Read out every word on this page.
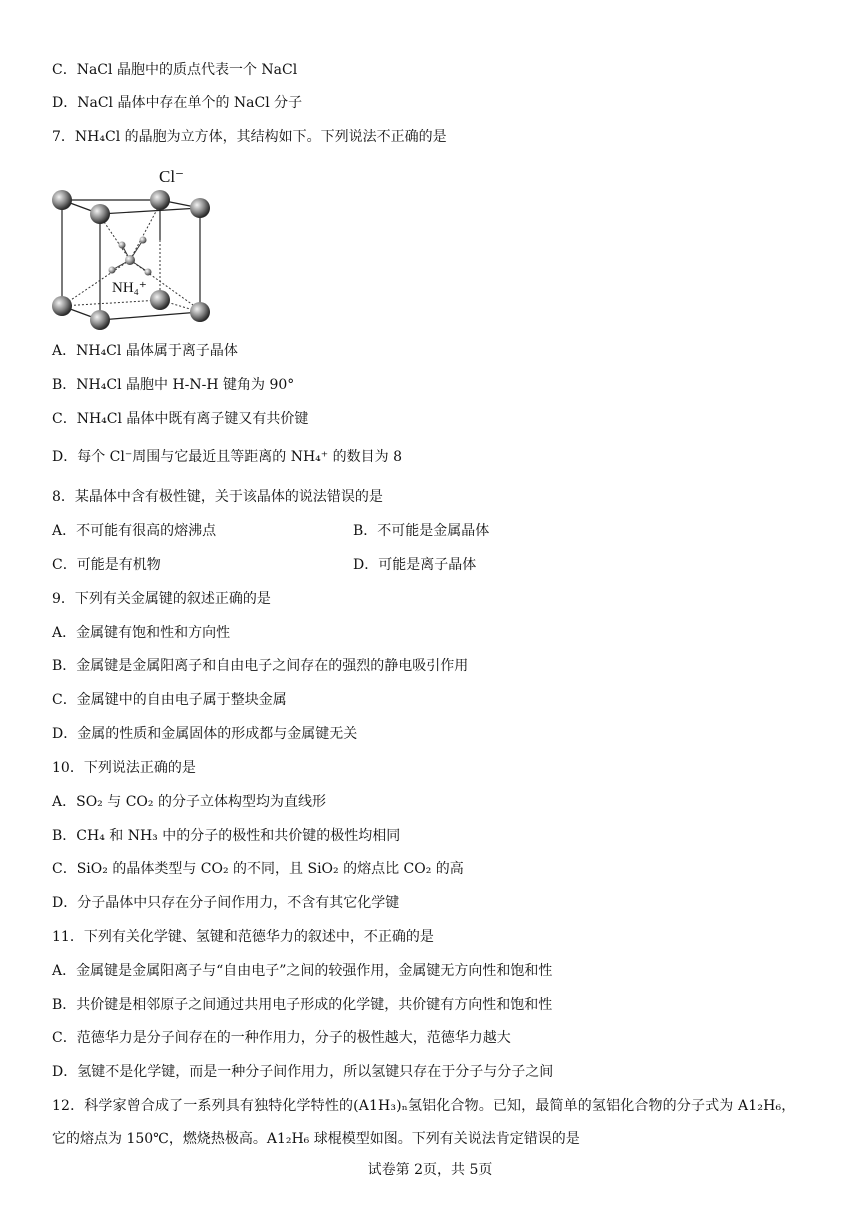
C．NaCl 晶胞中的质点代表一个 NaCl
D．NaCl 晶体中存在单个的 NaCl 分子
7．NH₄Cl 的晶胞为立方体，其结构如下。下列说法不正确的是
Cl⁻
NH₄⁺
A．NH₄Cl 晶体属于离子晶体
B．NH₄Cl 晶胞中 H-N-H 键角为 90°
C．NH₄Cl 晶体中既有离子键又有共价键
D．每个 Cl⁻周围与它最近且等距离的 NH₄⁺ 的数目为 8
8．某晶体中含有极性键，关于该晶体的说法错误的是
A．不可能有很高的熔沸点	B．不可能是金属晶体
C．可能是有机物	D．可能是离子晶体
9．下列有关金属键的叙述正确的是
A．金属键有饱和性和方向性
B．金属键是金属阳离子和自由电子之间存在的强烈的静电吸引作用
C．金属键中的自由电子属于整块金属
D．金属的性质和金属固体的形成都与金属键无关
10．下列说法正确的是
A．SO₂ 与 CO₂ 的分子立体构型均为直线形
B．CH₄ 和 NH₃ 中的分子的极性和共价键的极性均相同
C．SiO₂ 的晶体类型与 CO₂ 的不同，且 SiO₂ 的熔点比 CO₂ 的高
D．分子晶体中只存在分子间作用力，不含有其它化学键
11．下列有关化学键、氢键和范德华力的叙述中，不正确的是
A．金属键是金属阳离子与“自由电子”之间的较强作用，金属键无方向性和饱和性
B．共价键是相邻原子之间通过共用电子形成的化学键，共价键有方向性和饱和性
C．范德华力是分子间存在的一种作用力，分子的极性越大，范德华力越大
D．氢键不是化学键，而是一种分子间作用力，所以氢键只存在于分子与分子之间
12．科学家曾合成了一系列具有独特化学特性的(A1H₃)ₙ氢铝化合物。已知，最简单的氢铝化合物的分子式为 A1₂H₆，
它的熔点为 150℃，燃烧热极高。A1₂H₆ 球棍模型如图。下列有关说法肯定错误的是
试卷第 2页，共 5页
